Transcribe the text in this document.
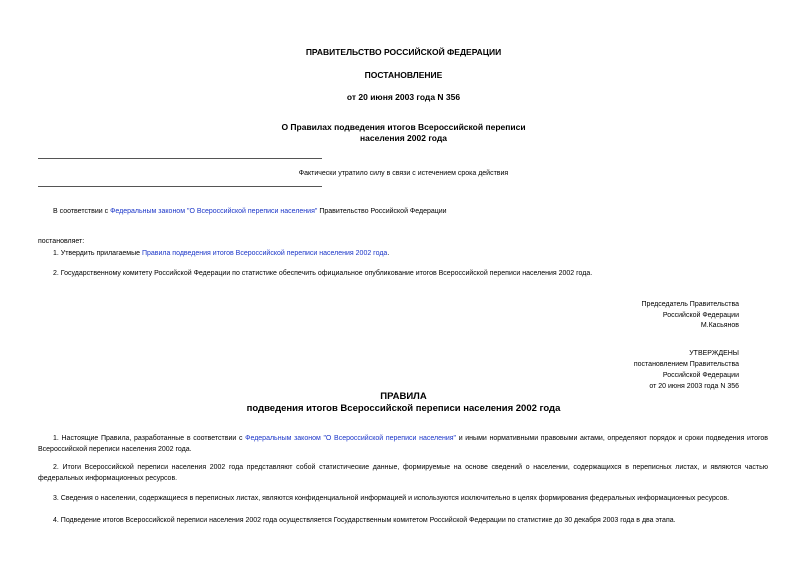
ПРАВИТЕЛЬСТВО РОССИЙСКОЙ ФЕДЕРАЦИИ
ПОСТАНОВЛЕНИЕ
от 20 июня 2003 года N 356
О Правилах подведения итогов Всероссийской переписи
населения 2002 года
Фактически утратило силу в связи с истечением срока действия
В соответствии с Федеральным законом "О Всероссийской переписи населения" Правительство Российской Федерации
постановляет:
1. Утвердить прилагаемые Правила подведения итогов Всероссийской переписи населения 2002 года.
2. Государственному комитету Российской Федерации по статистике обеспечить официальное опубликование итогов Всероссийской переписи населения 2002 года.
Председатель Правительства
Российской Федерации
М.Касьянов
УТВЕРЖДЕНЫ
постановлением Правительства
Российской Федерации
от 20 июня 2003 года N 356
ПРАВИЛА
подведения итогов Всероссийской переписи населения 2002 года
1. Настоящие Правила, разработанные в соответствии с Федеральным законом "О Всероссийской переписи населения" и иными нормативными правовыми актами, определяют порядок и сроки подведения итогов Всероссийской переписи населения 2002 года.
2. Итоги Всероссийской переписи населения 2002 года представляют собой статистические данные, формируемые на основе сведений о населении, содержащихся в переписных листах, и являются частью федеральных информационных ресурсов.
3. Сведения о населении, содержащиеся в переписных листах, являются конфиденциальной информацией и используются исключительно в целях формирования федеральных информационных ресурсов.
4. Подведение итогов Всероссийской переписи населения 2002 года осуществляется Государственным комитетом Российской Федерации по статистике до 30 декабря 2003 года в два этапа.
